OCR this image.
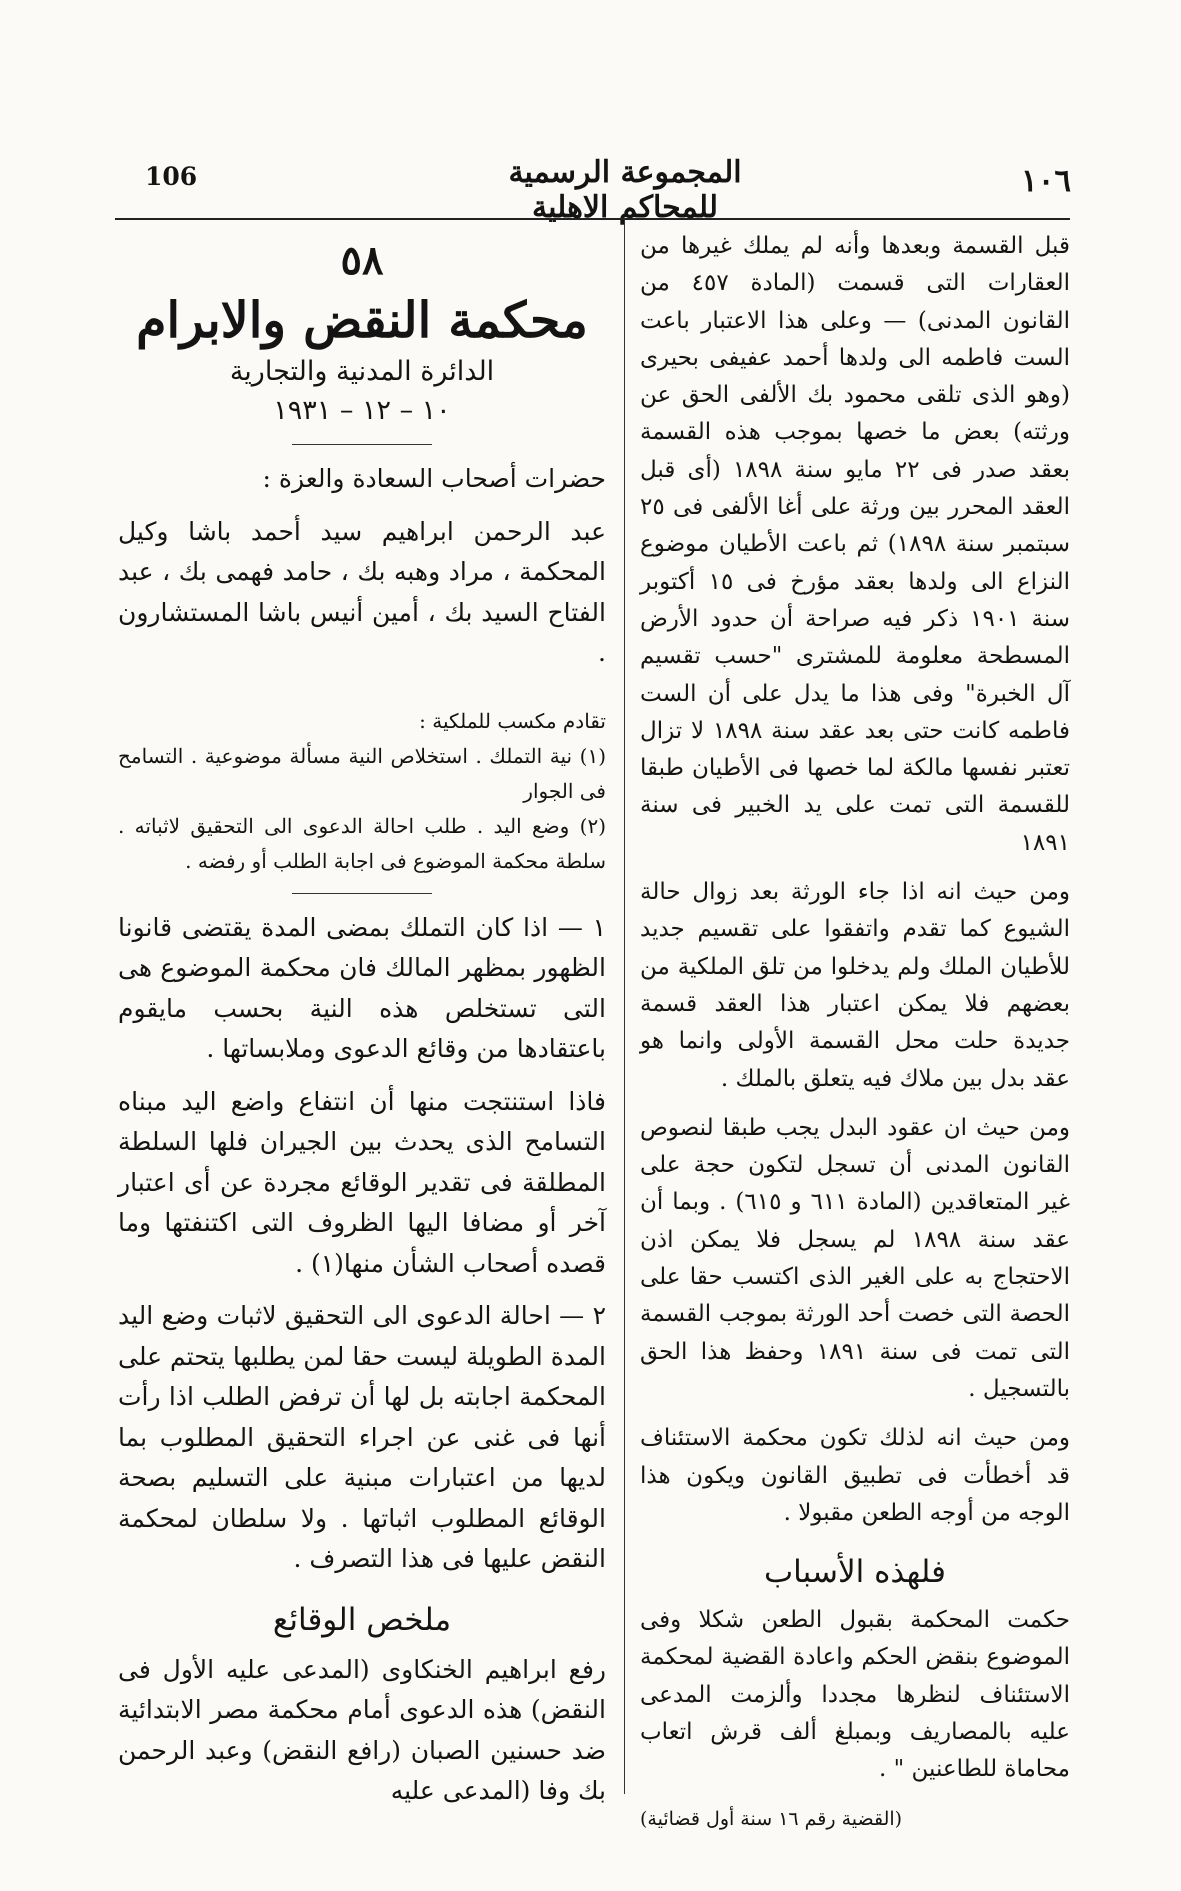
106	المجموعة الرسمية للمحاكم الاهلية
١٠٦

قبل القسمة وبعدها وأنه لم يملك غيرها من العقارات التى قسمت (المادة ٤٥٧ من القانون المدنى) — وعلى هذا الاعتبار باعت الست فاطمه الى ولدها أحمد عفيفى بحيرى (وهو الذى تلقى محمود بك الألفى الحق عن ورثته) بعض ما خصها بموجب هذه القسمة بعقد صدر فى ٢٢ مايو سنة ١٨٩٨ (أى قبل العقد المحرر بين ورثة على أغا الألفى فى ٢٥ سبتمبر سنة ١٨٩٨) ثم باعت الأطيان موضوع النزاع الى ولدها بعقد مؤرخ فى ١٥ أكتوبر سنة ١٩٠١ ذكر فيه صراحة أن حدود الأرض المسطحة معلومة للمشترى "حسب تقسيم آل الخبرة" وفى هذا ما يدل على أن الست فاطمه كانت حتى بعد عقد سنة ١٨٩٨ لا تزال تعتبر نفسها مالكة لما خصها فى الأطيان طبقا للقسمة التى تمت على يد الخبير فى سنة ١٨٩١

ومن حيث انه اذا جاء الورثة بعد زوال حالة الشيوع كما تقدم واتفقوا على تقسيم جديد للأطيان الملك ولم يدخلوا من تلق الملكية من بعضهم فلا يمكن اعتبار هذا العقد قسمة جديدة حلت محل القسمة الأولى وانما هو عقد بدل بين ملاك فيه يتعلق بالملك .

ومن حيث ان عقود البدل يجب طبقا لنصوص القانون المدنى أن تسجل لتكون حجة على غير المتعاقدين (المادة ٦١١ و ٦١٥) . وبما أن عقد سنة ١٨٩٨ لم يسجل فلا يمكن اذن الاحتجاج به على الغير الذى اكتسب حقا على الحصة التى خصت أحد الورثة بموجب القسمة التى تمت فى سنة ١٨٩١ وحفظ هذا الحق بالتسجيل .

ومن حيث انه لذلك تكون محكمة الاستئناف قد أخطأت فى تطبيق القانون ويكون هذا الوجه من أوجه الطعن مقبولا .

فلهذه الأسباب

حكمت المحكمة بقبول الطعن شكلا وفى الموضوع بنقض الحكم واعادة القضية لمحكمة الاستئناف لنظرها مجددا وألزمت المدعى عليه بالمصاريف وبمبلغ ألف قرش اتعاب محاماة للطاعنين " .

(القضية رقم ١٦ سنة أول قضائية)
٥٨
محكمة النقض والابرام
الدائرة المدنية والتجارية
١٠ – ١٢ – ١٩٣١

حضرات أصحاب السعادة والعزة :

عبد الرحمن ابراهيم سيد أحمد باشا وكيل المحكمة ، مراد وهبه بك ، حامد فهمى بك ، عبد الفتاح السيد بك ، أمين أنيس باشا المستشارون .

تقادم مكسب للملكية :

(١) نية التملك . استخلاص النية مسألة موضوعية . التسامح فى الجوار

(٢) وضع اليد . طلب احالة الدعوى الى التحقيق لاثباته . سلطة محكمة الموضوع فى اجابة الطلب أو رفضه .

١ — اذا كان التملك بمضى المدة يقتضى قانونا الظهور بمظهر المالك فان محكمة الموضوع هى التى تستخلص هذه النية بحسب مايقوم باعتقادها من وقائع الدعوى وملابساتها .

فاذا استنتجت منها أن انتفاع واضع اليد مبناه التسامح الذى يحدث بين الجيران فلها السلطة المطلقة فى تقدير الوقائع مجردة عن أى اعتبار آخر أو مضافا اليها الظروف التى اكتنفتها وما قصده أصحاب الشأن منها(١) .

٢ — احالة الدعوى الى التحقيق لاثبات وضع اليد المدة الطويلة ليست حقا لمن يطلبها يتحتم على المحكمة اجابته بل لها أن ترفض الطلب اذا رأت أنها فى غنى عن اجراء التحقيق المطلوب بما لديها من اعتبارات مبنية على التسليم بصحة الوقائع المطلوب اثباتها . ولا سلطان لمحكمة النقض عليها فى هذا التصرف .

ملخص الوقائع

رفع ابراهيم الخنكاوى (المدعى عليه الأول فى النقض) هذه الدعوى أمام محكمة مصر الابتدائية ضد حسنين الصبان (رافع النقض) وعبد الرحمن بك وفا (المدعى عليه
